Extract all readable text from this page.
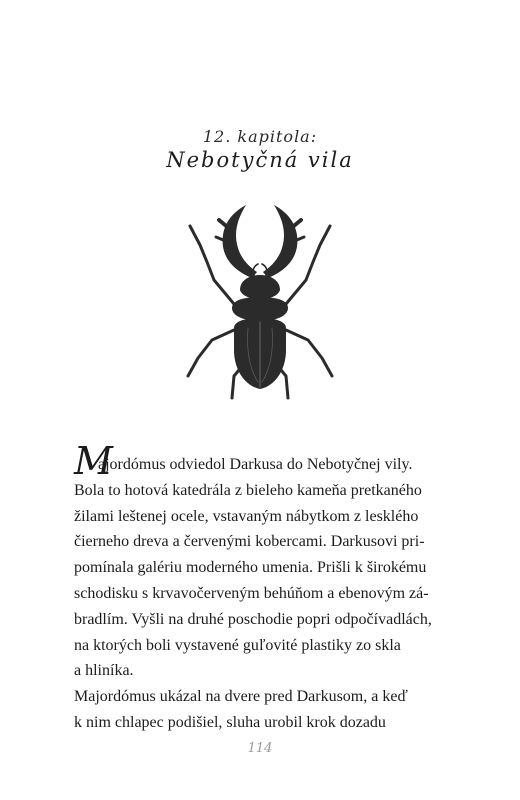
12. kapitola:
Nebotyčná vila
M
ajordómus odviedol Darkusa do Nebotyčnej vily.
Bola to hotová katedrála z bieleho kameňa pretkaného
žilami leštenej ocele, vstavaným nábytkom z lesklého
čierneho dreva a červenými kobercami. Darkusovi pri-
pomínala galériu moderného umenia. Prišli k širokému
schodisku s krvavočerveným behúňom a ebenovým zá-
bradlím. Vyšli na druhé poschodie popri odpočívadlách,
na ktorých boli vystavené guľovité plastiky zo skla
a hliníka.
Majordómus ukázal na dvere pred Darkusom, a keď
k nim chlapec podišiel, sluha urobil krok dozadu
114
